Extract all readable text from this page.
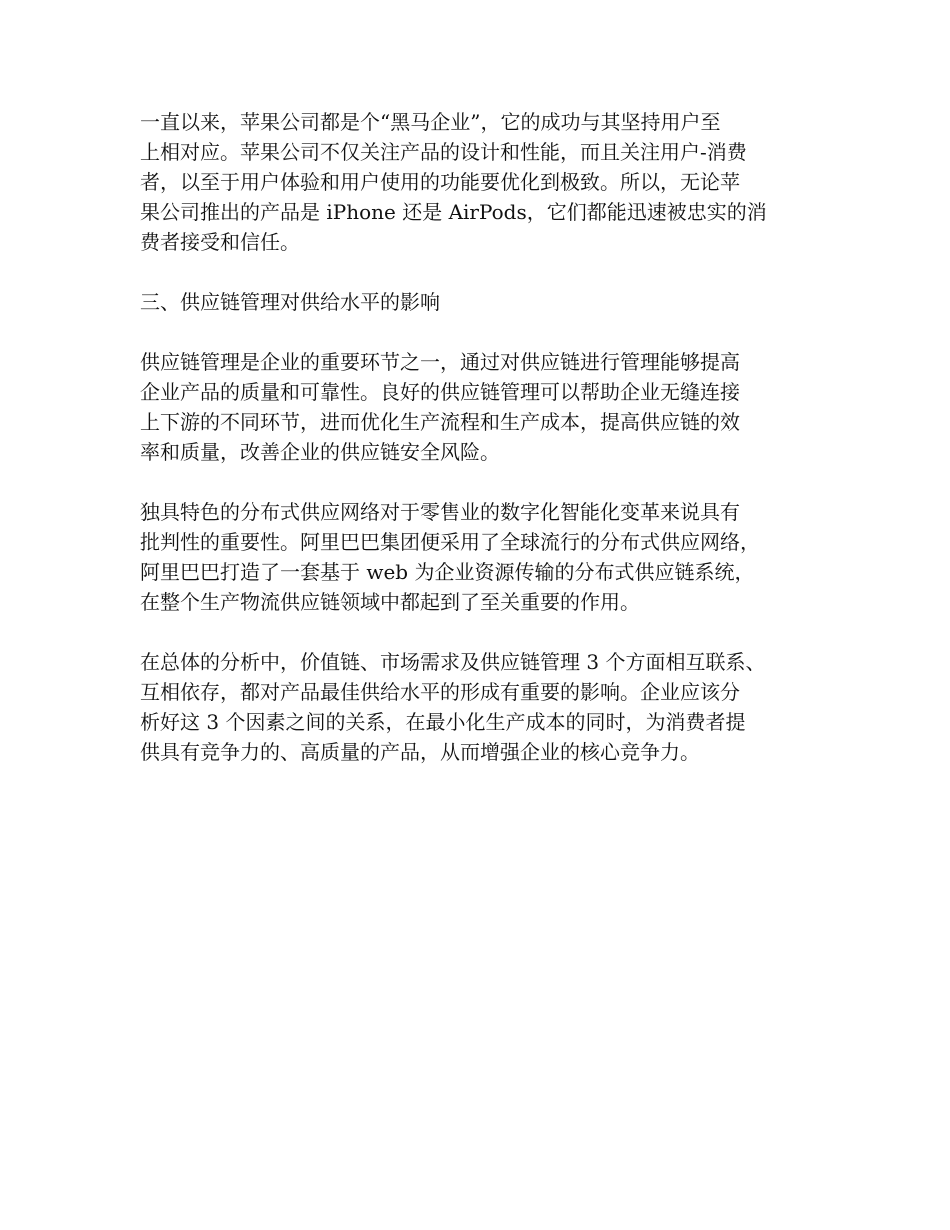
一直以来，苹果公司都是个“黑马企业”，它的成功与其坚持用户至
上相对应。苹果公司不仅关注产品的设计和性能，而且关注用户-消费
者，以至于用户体验和用户使用的功能要优化到极致。所以，无论苹
果公司推出的产品是 iPhone 还是 AirPods，它们都能迅速被忠实的消
费者接受和信任。
三、供应链管理对供给水平的影响
供应链管理是企业的重要环节之一，通过对供应链进行管理能够提高
企业产品的质量和可靠性。良好的供应链管理可以帮助企业无缝连接
上下游的不同环节，进而优化生产流程和生产成本，提高供应链的效
率和质量，改善企业的供应链安全风险。
独具特色的分布式供应网络对于零售业的数字化智能化变革来说具有
批判性的重要性。阿里巴巴集团便采用了全球流行的分布式供应网络，
阿里巴巴打造了一套基于 web 为企业资源传输的分布式供应链系统，
在整个生产物流供应链领域中都起到了至关重要的作用。
在总体的分析中，价值链、市场需求及供应链管理 3 个方面相互联系、
互相依存，都对产品最佳供给水平的形成有重要的影响。企业应该分
析好这 3 个因素之间的关系，在最小化生产成本的同时，为消费者提
供具有竞争力的、高质量的产品，从而增强企业的核心竞争力。
